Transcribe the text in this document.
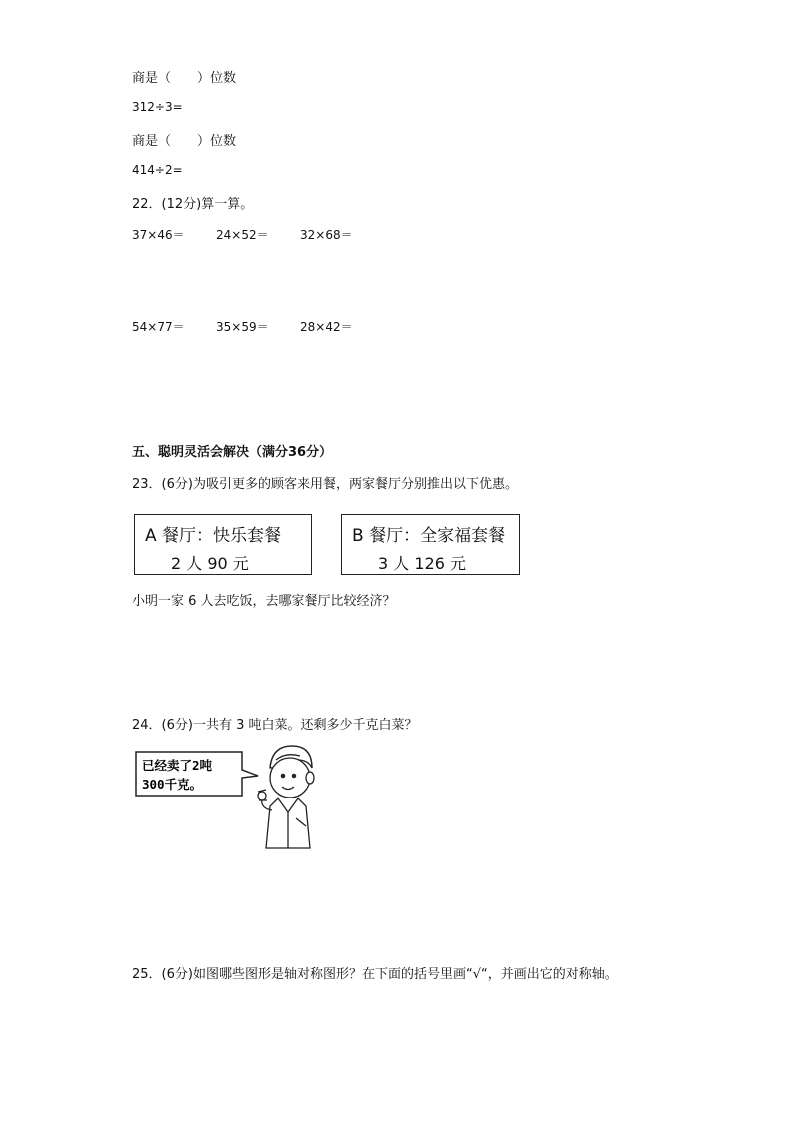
商是（　　）位数
312÷3=
商是（　　）位数
414÷2=
22．(12分)算一算。
37×46＝	24×52＝	32×68＝
54×77＝	35×59＝	28×42＝
五、聪明灵活会解决（满分36分）
23．(6分)为吸引更多的顾客来用餐，两家餐厅分别推出以下优惠。
A 餐厅：快乐套餐
2 人 90 元
B 餐厅：全家福套餐
3 人 126 元
小明一家 6 人去吃饭，去哪家餐厅比较经济？
24．(6分)一共有 3 吨白菜。还剩多少千克白菜？
已经卖了2吨
300千克。
25．(6分)如图哪些图形是轴对称图形？在下面的括号里画“√“，并画出它的对称轴。
